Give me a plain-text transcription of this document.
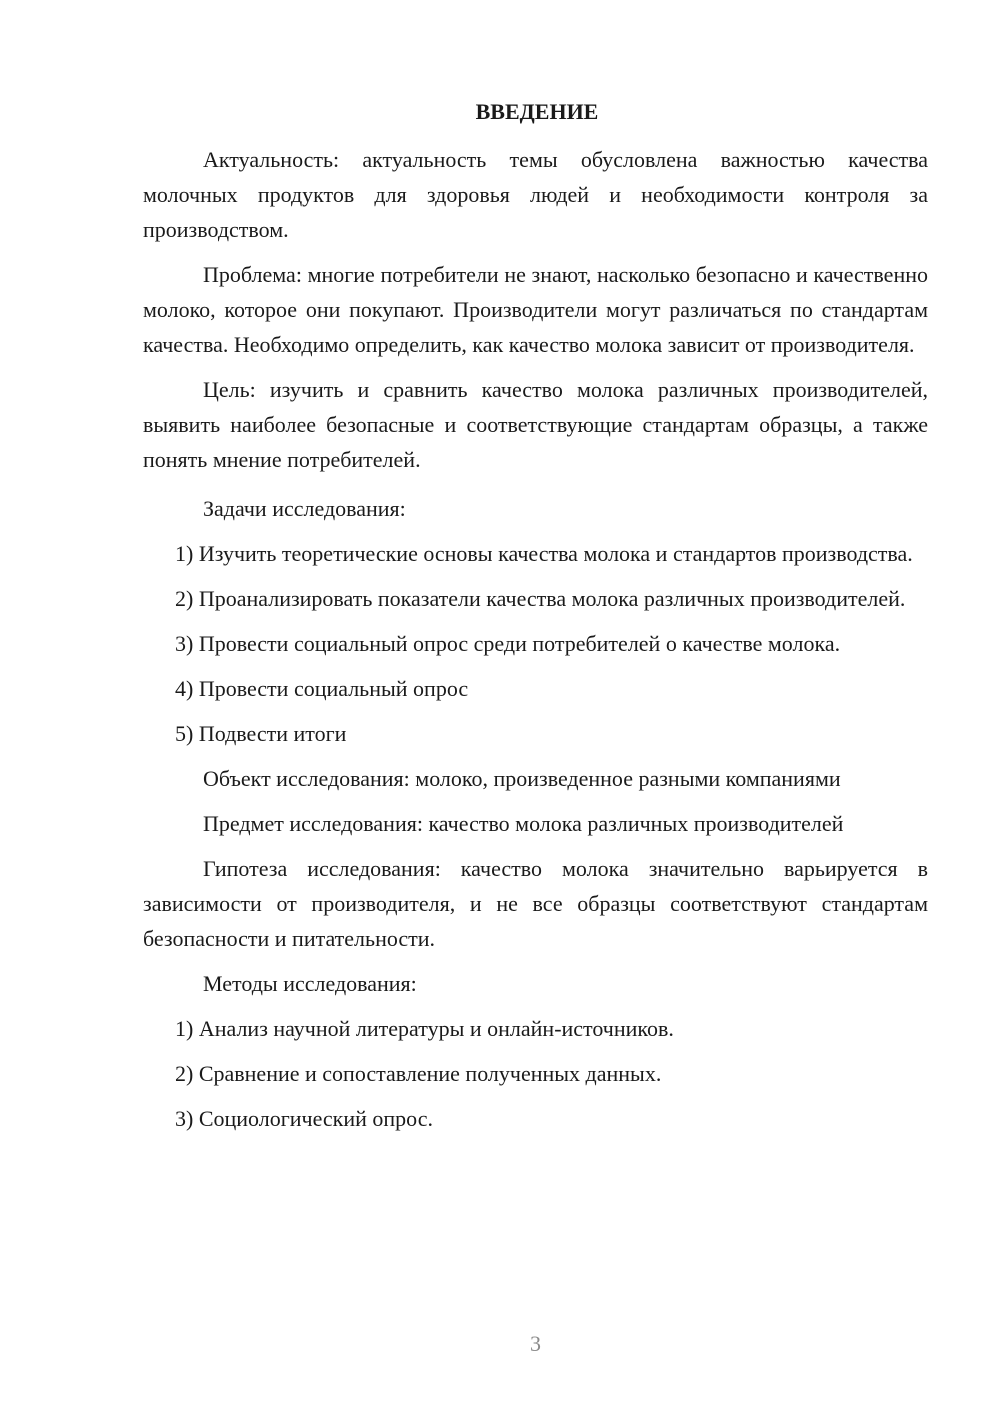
ВВЕДЕНИЕ

Актуальность: актуальность темы обусловлена важностью качества молочных продуктов для здоровья людей и необходимости контроля за производством.

Проблема: многие потребители не знают, насколько безопасно и качественно молоко, которое они покупают. Производители могут различаться по стандартам качества. Необходимо определить, как качество молока зависит от производителя.

Цель: изучить и сравнить качество молока различных производителей, выявить наиболее безопасные и соответствующие стандартам образцы, а также понять мнение потребителей.

Задачи исследования:

1) Изучить теоретические основы качества молока и стандартов производства.

2) Проанализировать показатели качества молока различных производителей.

3) Провести социальный опрос среди потребителей о качестве молока.

4) Провести социальный опрос

5) Подвести итоги

Объект исследования: молоко, произведенное разными компаниями

Предмет исследования: качество молока различных производителей

Гипотеза исследования: качество молока значительно варьируется в зависимости от производителя, и не все образцы соответствуют стандартам безопасности и питательности.

Методы исследования:

1) Анализ научной литературы и онлайн-источников.

2) Сравнение и сопоставление полученных данных.

3) Социологический опрос.

3
